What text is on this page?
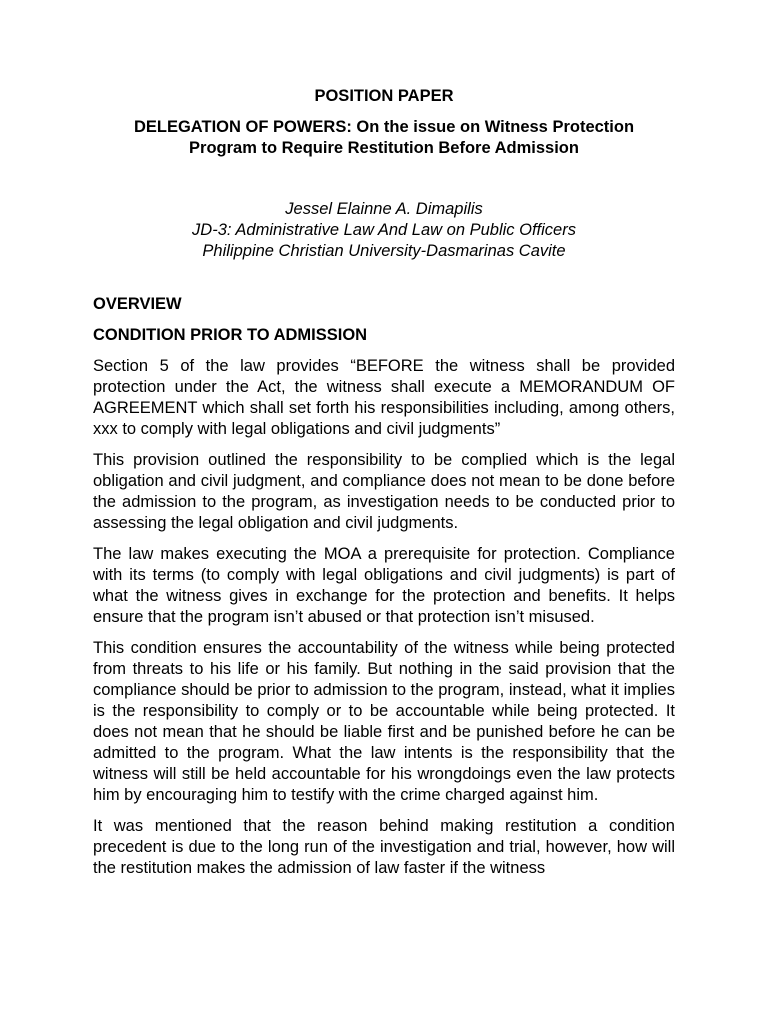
POSITION PAPER
DELEGATION OF POWERS: On the issue on Witness Protection
Program to Require Restitution Before Admission
Jessel Elainne A. Dimapilis
JD-3: Administrative Law And Law on Public Officers
Philippine Christian University-Dasmarinas Cavite
OVERVIEW
CONDITION PRIOR TO ADMISSION

Section 5 of the law provides “BEFORE the witness shall be provided protection under the Act, the witness shall execute a MEMORANDUM OF AGREEMENT which shall set forth his responsibilities including, among others, xxx to comply with legal obligations and civil judgments”

This provision outlined the responsibility to be complied which is the legal obligation and civil judgment, and compliance does not mean to be done before the admission to the program, as investigation needs to be conducted prior to assessing the legal obligation and civil judgments.

The law makes executing the MOA a prerequisite for protection. Compliance with its terms (to comply with legal obligations and civil judgments) is part of what the witness gives in exchange for the protection and benefits. It helps ensure that the program isn’t abused or that protection isn’t misused.

This condition ensures the accountability of the witness while being protected from threats to his life or his family. But nothing in the said provision that the compliance should be prior to admission to the program, instead, what it implies is the responsibility to comply or to be accountable while being protected. It does not mean that he should be liable first and be punished before he can be admitted to the program. What the law intents is the responsibility that the witness will still be held accountable for his wrongdoings even the law protects him by encouraging him to testify with the crime charged against him.

It was mentioned that the reason behind making restitution a condition precedent is due to the long run of the investigation and trial, however, how will the restitution makes the admission of law faster if the witness
